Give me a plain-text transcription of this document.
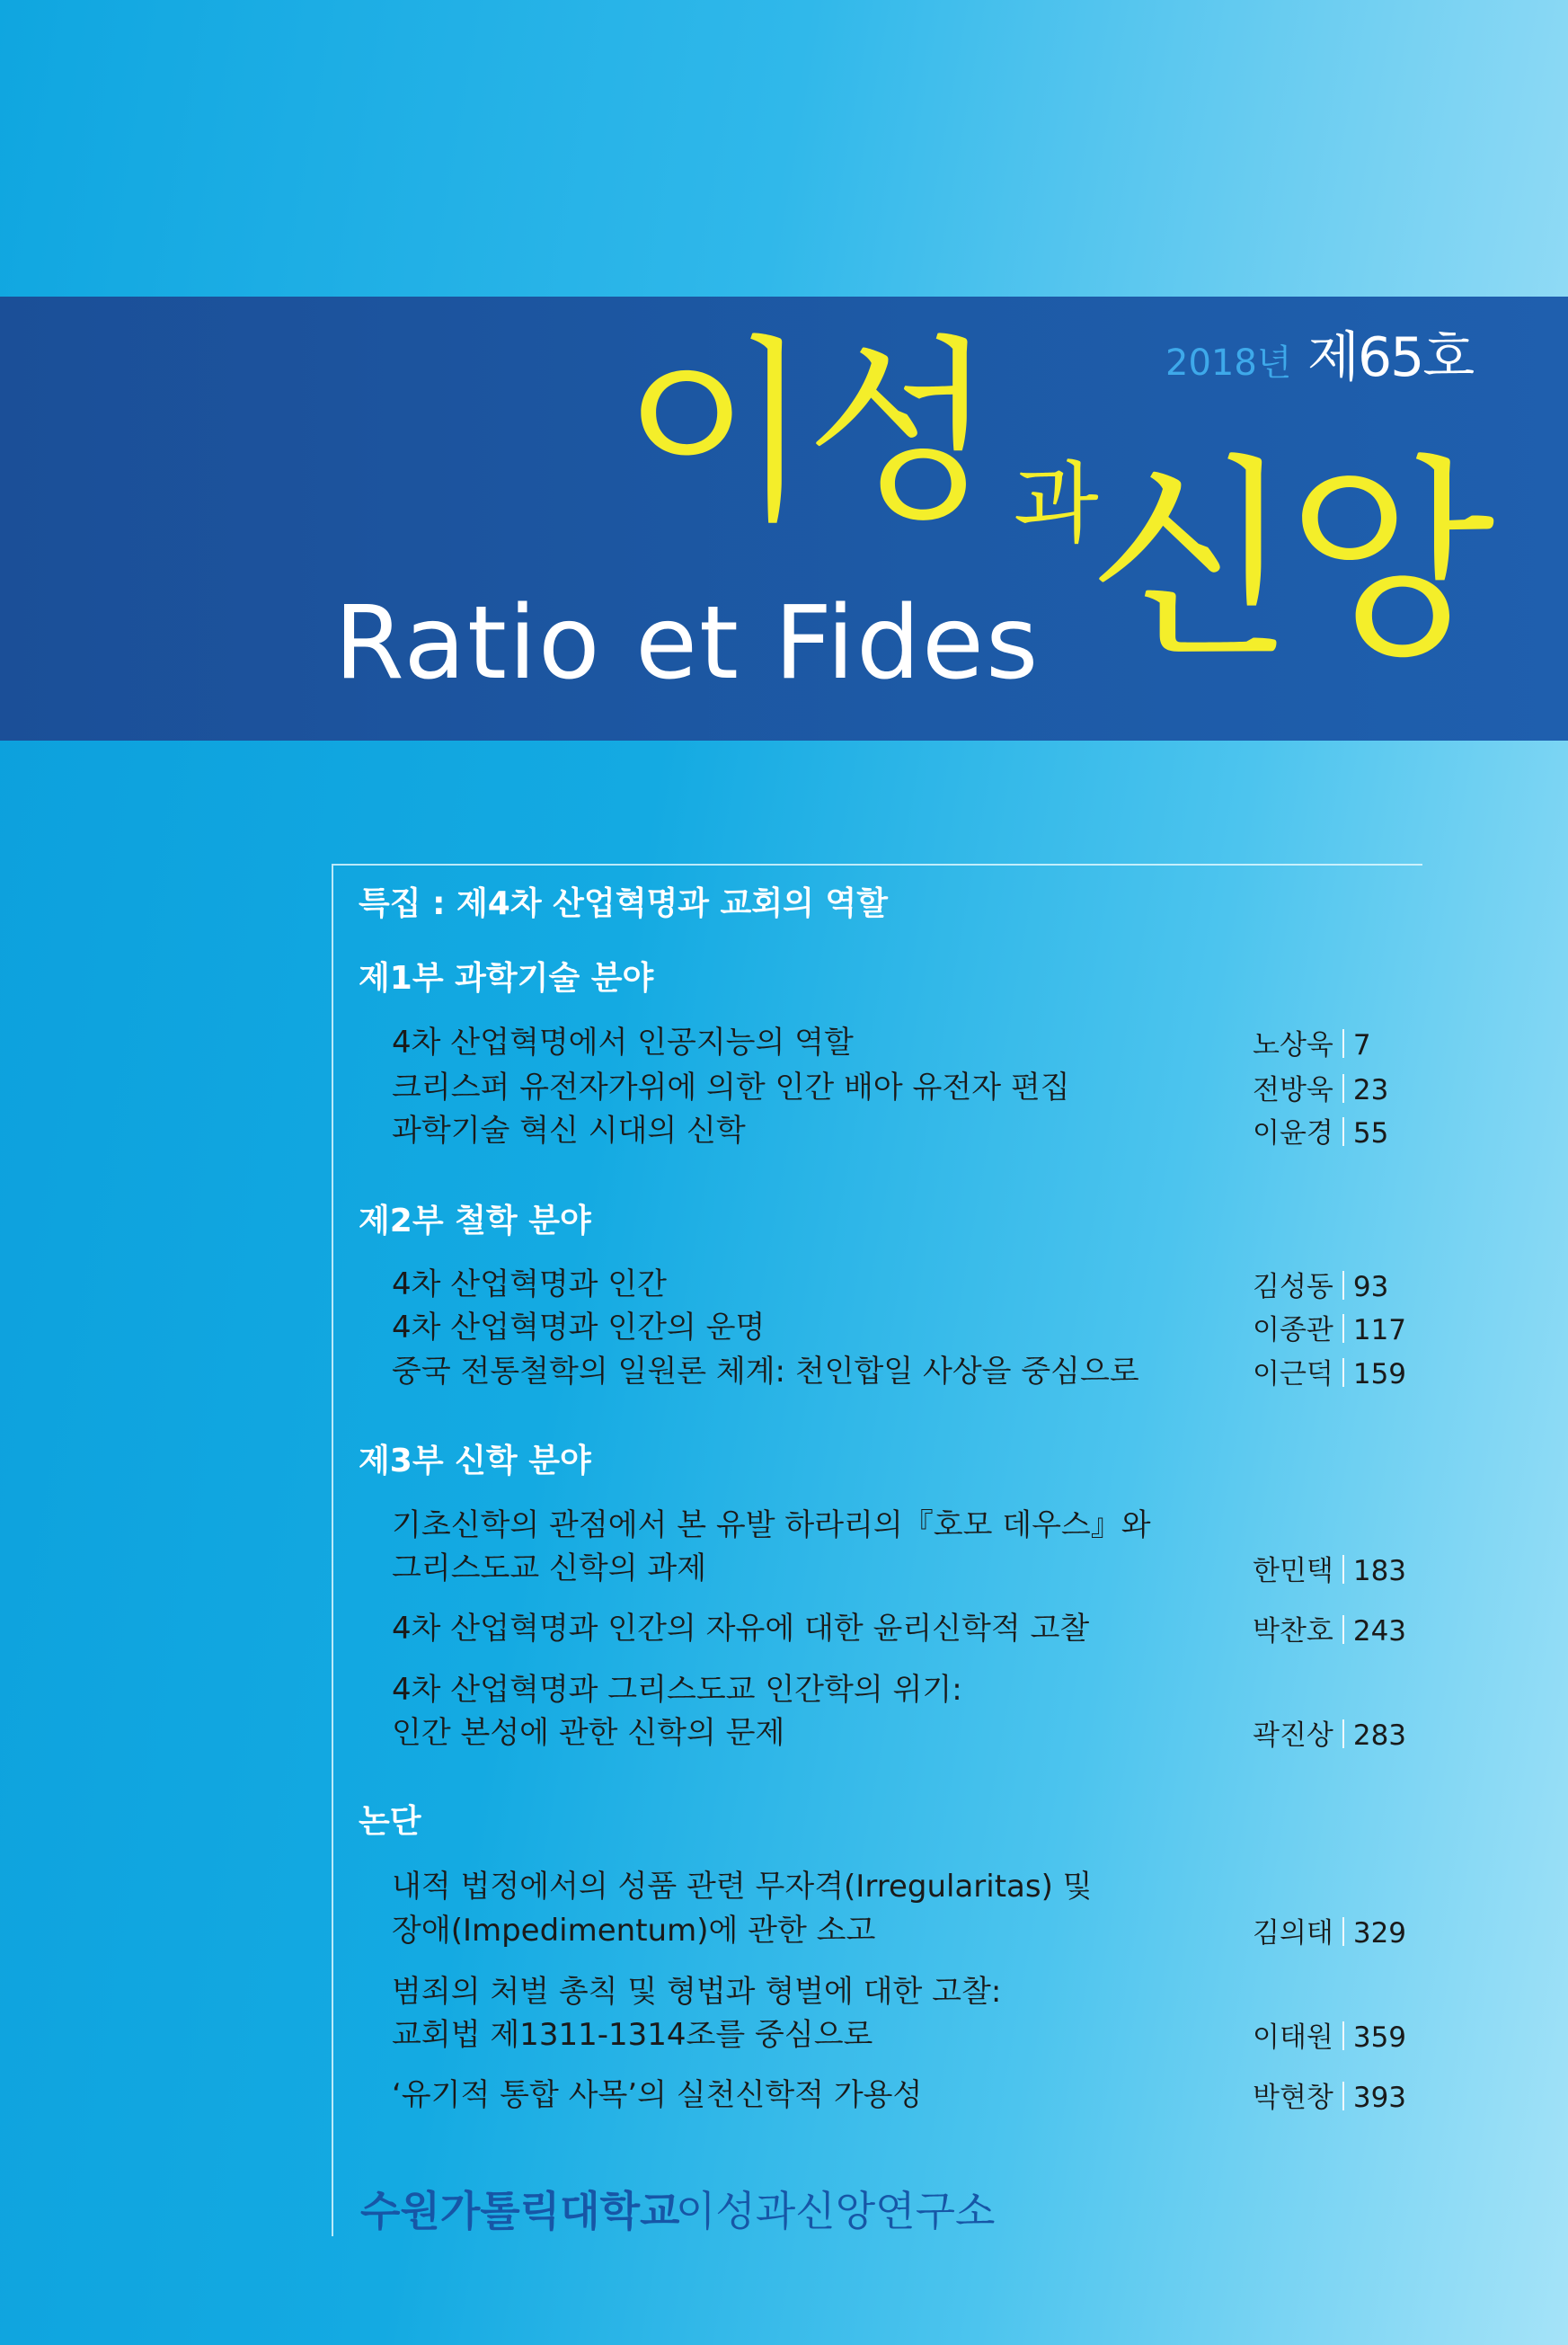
2018년 제65호
이성 과
신앙
Ratio et Fides
특집 : 제4차 산업혁명과 교회의 역할
제1부 과학기술 분야
4차 산업혁명에서 인공지능의 역할	노상욱 7
크리스퍼 유전자가위에 의한 인간 배아 유전자 편집	전방욱 23
과학기술 혁신 시대의 신학	이윤경 55
제2부 철학 분야
4차 산업혁명과 인간	김성동 93
4차 산업혁명과 인간의 운명	이종관 117
중국 전통철학의 일원론 체계: 천인합일 사상을 중심으로	이근덕 159
제3부 신학 분야
기초신학의 관점에서 본 유발 하라리의『호모 데우스』와
그리스도교 신학의 과제	한민택 183
4차 산업혁명과 인간의 자유에 대한 윤리신학적 고찰	박찬호 243
4차 산업혁명과 그리스도교 인간학의 위기:
인간 본성에 관한 신학의 문제	곽진상 283
논단
내적 법정에서의 성품 관련 무자격(Irregularitas) 및
장애(Impedimentum)에 관한 소고	김의태 329
범죄의 처벌 총칙 및 형법과 형벌에 대한 고찰:
교회법 제1311-1314조를 중심으로	이태원 359
‘유기적 통합 사목’의 실천신학적 가용성	박현창 393
수원가톨릭대학교
이성과신앙연구소
